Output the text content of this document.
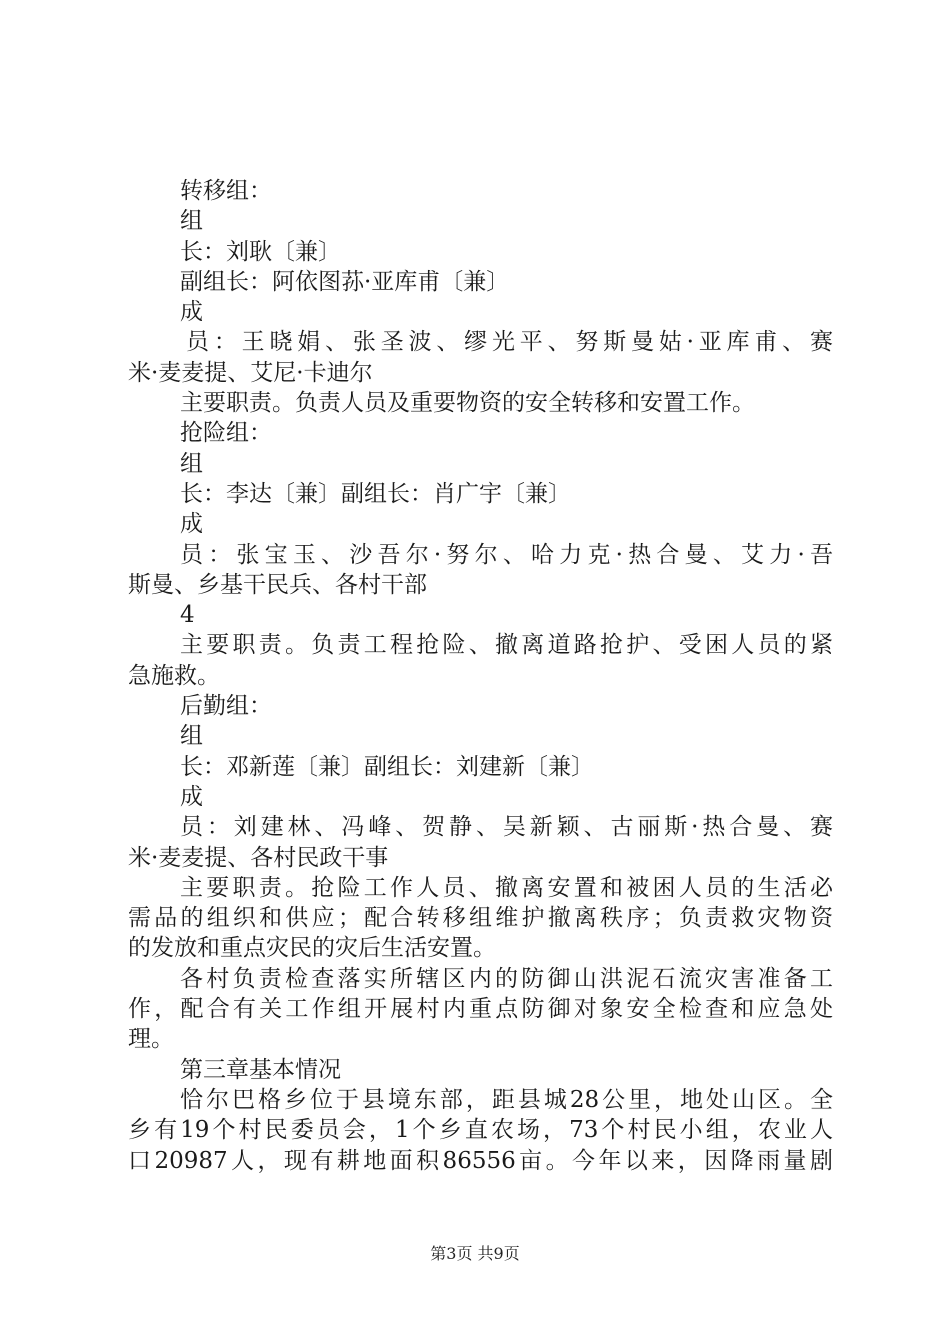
转移组：
组
长：刘耿〔兼〕
副组长：阿依图荪·亚库甫〔兼〕
成
员：王晓娟、张圣波、缪光平、努斯曼姑·亚库甫、赛
米·麦麦提、艾尼·卡迪尔
主要职责。负责人员及重要物资的安全转移和安置工作。
抢险组：
组
长：李达〔兼〕副组长：肖广宇〔兼〕
成
员：张宝玉、沙吾尔·努尔、哈力克·热合曼、艾力·吾
斯曼、乡基干民兵、各村干部
4
主要职责。负责工程抢险、撤离道路抢护、受困人员的紧
急施救。
后勤组：
组
长：邓新莲〔兼〕副组长：刘建新〔兼〕
成
员：刘建林、冯峰、贺静、吴新颖、古丽斯·热合曼、赛
米·麦麦提、各村民政干事
主要职责。抢险工作人员、撤离安置和被困人员的生活必
需品的组织和供应；配合转移组维护撤离秩序；负责救灾物资
的发放和重点灾民的灾后生活安置。
各村负责检查落实所辖区内的防御山洪泥石流灾害准备工
作，配合有关工作组开展村内重点防御对象安全检查和应急处
理。
第三章基本情况
恰尔巴格乡位于县境东部，距县城28公里，地处山区。全
乡有19个村民委员会，1个乡直农场，73个村民小组，农业人
口20987人，现有耕地面积86556亩。今年以来，因降雨量剧
第3页 共9页
